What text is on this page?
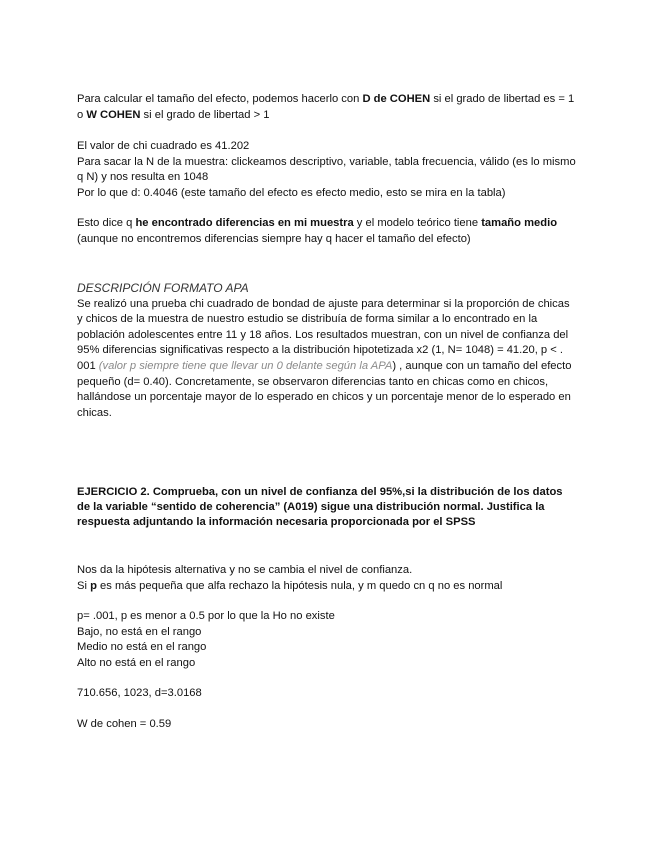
Para calcular el tamaño del efecto, podemos hacerlo con D de COHEN si el grado de libertad es = 1 o W COHEN si el grado de libertad > 1

El valor de chi cuadrado es 41.202

Para sacar la N de la muestra: clickeamos descriptivo, variable, tabla frecuencia, válido (es lo mismo q N) y nos resulta en 1048

Por lo que d: 0.4046 (este tamaño del efecto es efecto medio, esto se mira en la tabla)

Esto dice q he encontrado diferencias en mi muestra y el modelo teórico tiene tamaño medio (aunque no encontremos diferencias siempre hay q hacer el tamaño del efecto)

DESCRIPCIÓN FORMATO APA

Se realizó una prueba chi cuadrado de bondad de ajuste para determinar si la proporción de chicas y chicos de la muestra de nuestro estudio se distribuía de forma similar a lo encontrado en la población adolescentes entre 11 y 18 años. Los resultados muestran, con un nivel de confianza del 95% diferencias significativas respecto a la distribución hipotetizada x2 (1, N= 1048) = 41.20, p < . 001 (valor p siempre tiene que llevar un 0 delante según la APA) , aunque con un tamaño del efecto pequeño (d= 0.40). Concretamente, se observaron diferencias tanto en chicas como en chicos, hallándose un porcentaje mayor de lo esperado en chicos y un porcentaje menor de lo esperado en chicas.

EJERCICIO 2. Comprueba, con un nivel de confianza del 95%,si la distribución de los datos de la variable “sentido de coherencia” (A019) sigue una distribución normal. Justifica la respuesta adjuntando la información necesaria proporcionada por el SPSS

Nos da la hipótesis alternativa y no se cambia el nivel de confianza.

Si p es más pequeña que alfa rechazo la hipótesis nula, y m quedo cn q no es normal

p= .001, p es menor a 0.5 por lo que la Ho no existe

Bajo, no está en el rango

Medio no está en el rango

Alto no está en el rango

710.656, 1023, d=3.0168

W de cohen = 0.59
